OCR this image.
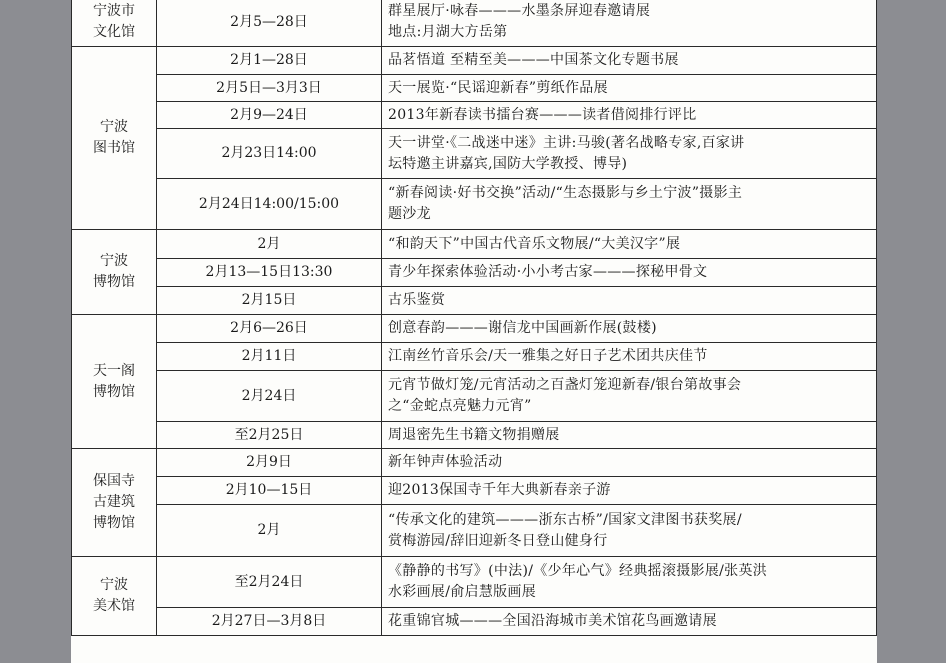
宁波市
文化馆	2月5—28日	群星展厅·咏春———水墨条屏迎春邀请展
地点:月湖大方岳第

宁波
图书馆	2月1—28日	品茗悟道 至精至美———中国茶文化专题书展

	2月5日—3月3日	天一展览·“民谣迎新春”剪纸作品展

	2月9—24日	2013年新春读书擂台赛———读者借阅排行评比

	2月23日14:00	天一讲堂·《二战迷中迷》主讲:马骏(著名战略专家,百家讲
坛特邀主讲嘉宾,国防大学教授、博导)

	2月24日14:00/15:00	“新春阅读·好书交换”活动/“生态摄影与乡土宁波”摄影主
题沙龙

宁波
博物馆	2月	“和韵天下”中国古代音乐文物展/“大美汉字”展

	2月13—15日13:30	青少年探索体验活动·小小考古家———探秘甲骨文

	2月15日	古乐鉴赏

天一阁
博物馆	2月6—26日	创意春韵———谢信龙中国画新作展(鼓楼)

	2月11日	江南丝竹音乐会/天一雅集之好日子艺术团共庆佳节

	2月24日	元宵节做灯笼/元宵活动之百盏灯笼迎新春/银台第故事会
之“金蛇点亮魅力元宵”

	至2月25日	周退密先生书籍文物捐赠展

保国寺
古建筑
博物馆	2月9日	新年钟声体验活动

	2月10—15日	迎2013保国寺千年大典新春亲子游

	2月	“传承文化的建筑———浙东古桥”/国家文津图书获奖展/
赏梅游园/辞旧迎新冬日登山健身行

宁波
美术馆	至2月24日	《静静的书写》(中法)/《少年心气》经典摇滚摄影展/张英洪
水彩画展/俞启慧版画展

	2月27日—3月8日	花重锦官城———全国沿海城市美术馆花鸟画邀请展
